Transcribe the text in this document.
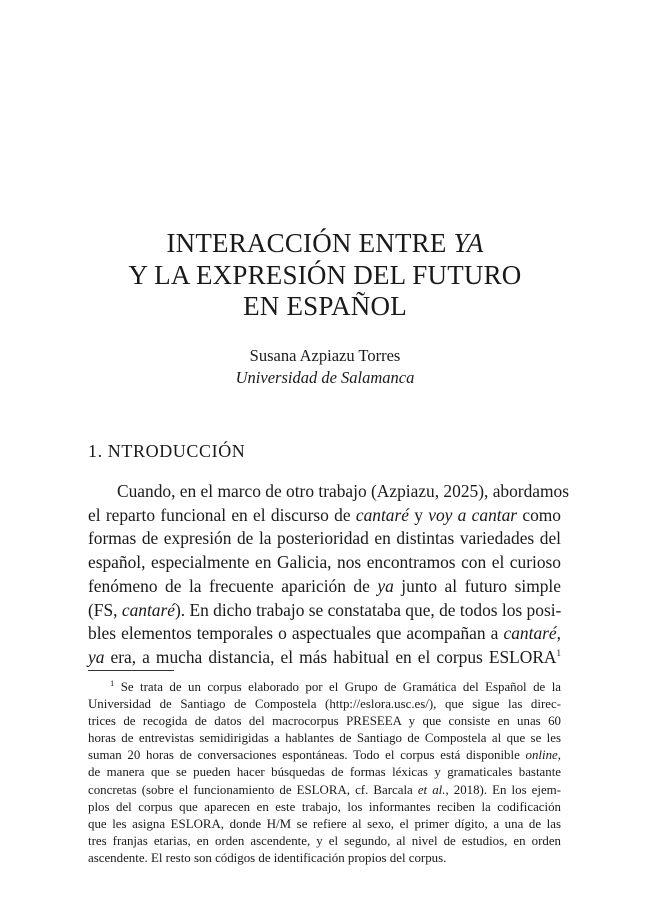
INTERACCIÓN ENTRE YA
Y LA EXPRESIÓN DEL FUTURO
EN ESPAÑOL
Susana Azpiazu Torres
Universidad de Salamanca
1. NTRODUCCIÓN
Cuando, en el marco de otro trabajo (Azpiazu, 2025), abordamos
el reparto funcional en el discurso de cantaré y voy a cantar como
formas de expresión de la posterioridad en distintas variedades del
español, especialmente en Galicia, nos encontramos con el curioso
fenómeno de la frecuente aparición de ya junto al futuro simple
(FS, cantaré). En dicho trabajo se constataba que, de todos los posi-
bles elementos temporales o aspectuales que acompañan a cantaré,
ya era, a mucha distancia, el más habitual en el corpus ESLORA$^1$
$^1$ Se trata de un corpus elaborado por el Grupo de Gramática del Español de la
Universidad de Santiago de Compostela (http://eslora.usc.es/), que sigue las direc-
trices de recogida de datos del macrocorpus PRESEEA y que consiste en unas 60
horas de entrevistas semidirigidas a hablantes de Santiago de Compostela al que se les
suman 20 horas de conversaciones espontáneas. Todo el corpus está disponible online,
de manera que se pueden hacer búsquedas de formas léxicas y gramaticales bastante
concretas (sobre el funcionamiento de ESLORA, cf. Barcala et al., 2018). En los ejem-
plos del corpus que aparecen en este trabajo, los informantes reciben la codificación
que les asigna ESLORA, donde H/M se refiere al sexo, el primer dígito, a una de las
tres franjas etarias, en orden ascendente, y el segundo, al nivel de estudios, en orden
ascendente. El resto son códigos de identificación propios del corpus.
